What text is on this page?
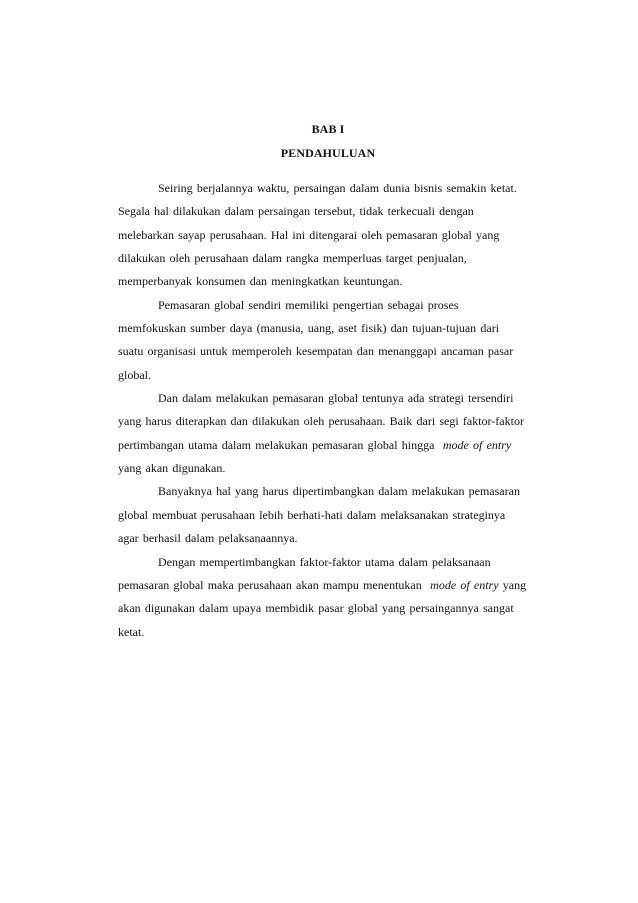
BAB I
PENDAHULUAN
Seiring berjalannya waktu, persaingan dalam dunia bisnis semakin ketat.
Segala hal dilakukan dalam persaingan tersebut, tidak terkecuali dengan
melebarkan sayap perusahaan. Hal ini ditengarai oleh pemasaran global yang
dilakukan oleh perusahaan dalam rangka memperluas target penjualan,
memperbanyak konsumen dan meningkatkan keuntungan.
Pemasaran global sendiri memiliki pengertian sebagai proses
memfokuskan sumber daya (manusia, uang, aset fisik) dan tujuan-tujuan dari
suatu organisasi untuk memperoleh kesempatan dan menanggapi ancaman pasar
global.
Dan dalam melakukan pemasaran global tentunya ada strategi tersendiri
yang harus diterapkan dan dilakukan oleh perusahaan. Baik dari segi faktor-faktor
pertimbangan utama dalam melakukan pemasaran global hingga mode of entry
yang akan digunakan.
Banyaknya hal yang harus dipertimbangkan dalam melakukan pemasaran
global membuat perusahaan lebih berhati-hati dalam melaksanakan strateginya
agar berhasil dalam pelaksanaannya.
Dengan mempertimbangkan faktor-faktor utama dalam pelaksanaan
pemasaran global maka perusahaan akan mampu menentukan mode of entry yang
akan digunakan dalam upaya membidik pasar global yang persaingannya sangat
ketat.
